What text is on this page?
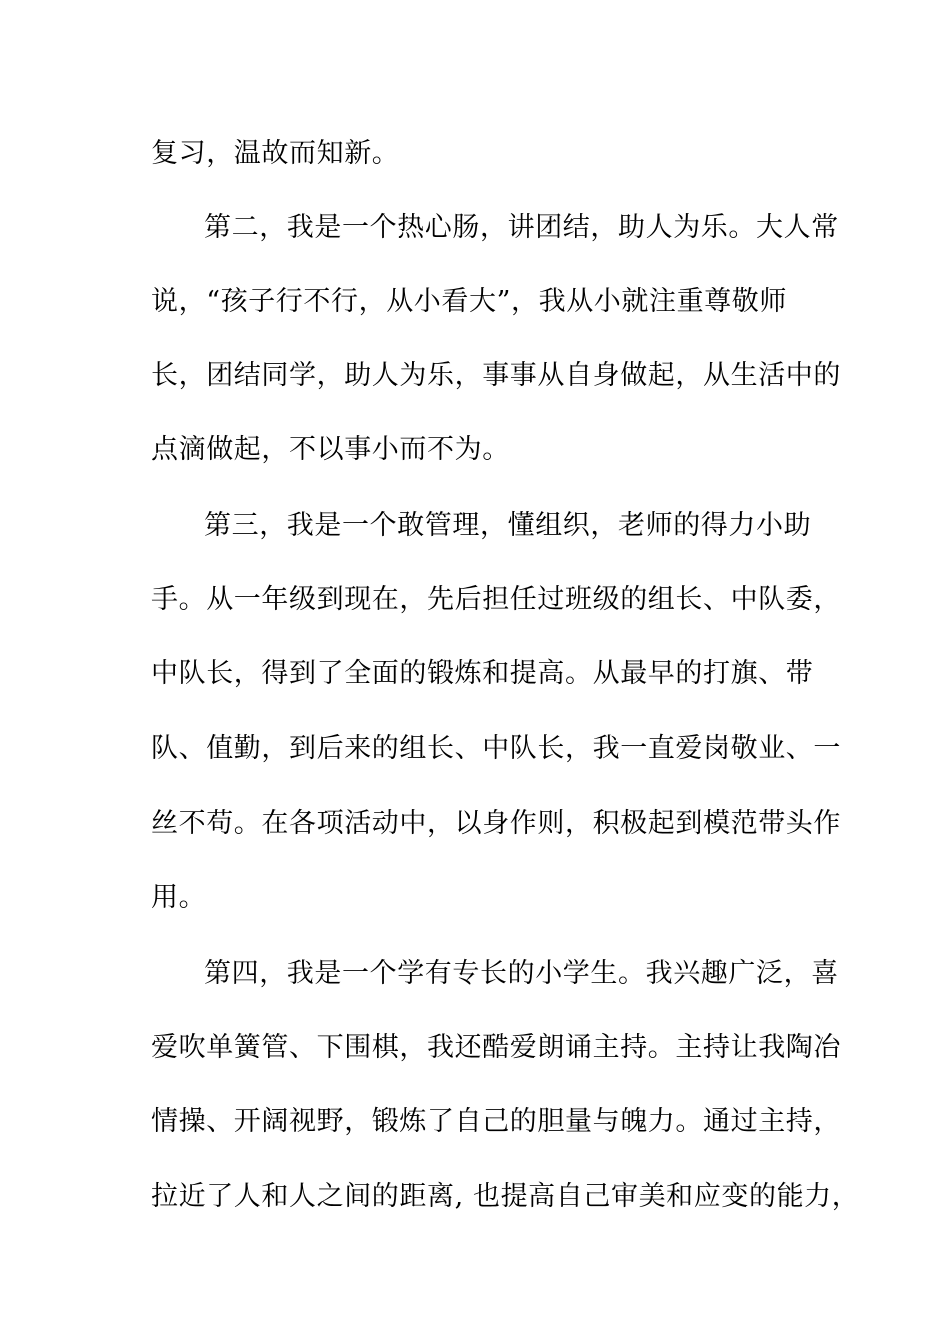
复习，温故而知新。
第二，我是一个热心肠，讲团结，助人为乐。大人常
说，“孩子行不行，从小看大”，我从小就注重尊敬师
长，团结同学，助人为乐，事事从自身做起，从生活中的
点滴做起，不以事小而不为。
第三，我是一个敢管理，懂组织，老师的得力小助
手。从一年级到现在，先后担任过班级的组长、中队委，
中队长，得到了全面的锻炼和提高。从最早的打旗、带
队、值勤，到后来的组长、中队长，我一直爱岗敬业、一
丝不苟。在各项活动中，以身作则，积极起到模范带头作
用。
第四，我是一个学有专长的小学生。我兴趣广泛，喜
爱吹单簧管、下围棋，我还酷爱朗诵主持。主持让我陶冶
情操、开阔视野，锻炼了自己的胆量与魄力。通过主持，
拉近了人和人之间的距离, 也提高自己审美和应变的能力，
